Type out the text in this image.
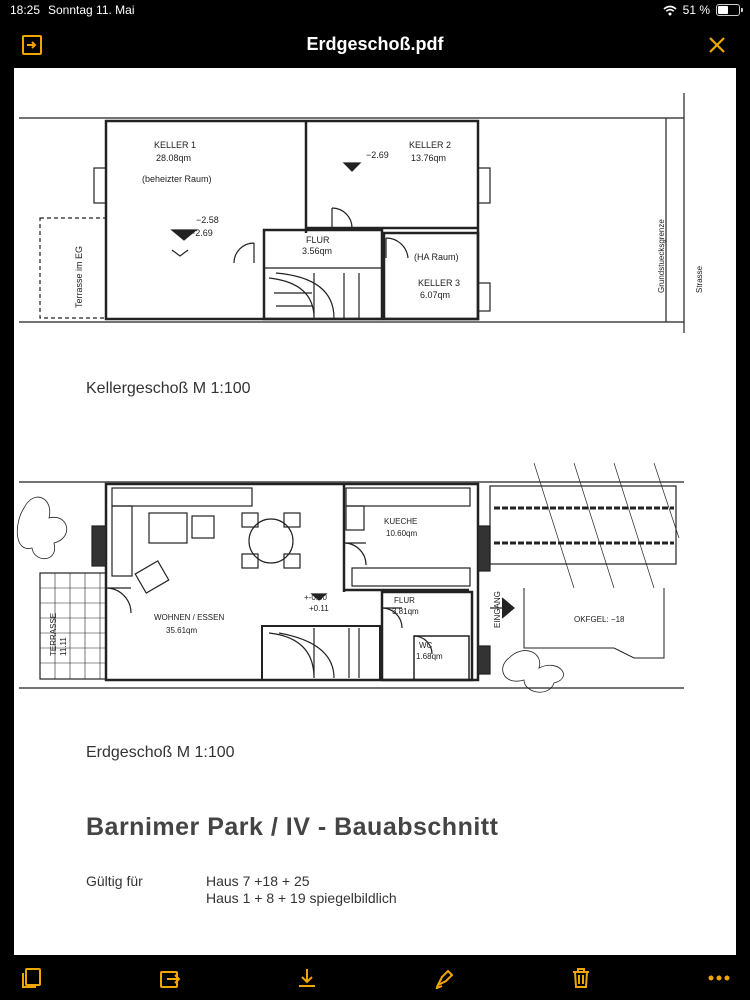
18:25 Sonntag 11. Mai	51 %
Erdgeschoß.pdf
KELLER 1
28.08qm
(beheizter Raum)
−2.58
−2.69
KELLER 2
13.76qm
−2.69
FLUR
3.56qm
(HA Raum)
KELLER 3
6.07qm
Terrasse im EG	Grundstuecksgrenze	Strasse
KUECHE
10.60qm
WOHNEN / ESSEN
35.61qm
+-0.00
+0.11
FLUR
3.81qm
WC
1.68qm
EINGANG	OKFGEL: −18
TERRASSE 11.11
Kellergeschoß M 1:100
Erdgeschoß M 1:100
Barnimer Park / IV - Bauabschnitt
Gültig für	Haus 7 +18 + 25
Haus 1 + 8 + 19 spiegelbildlich
